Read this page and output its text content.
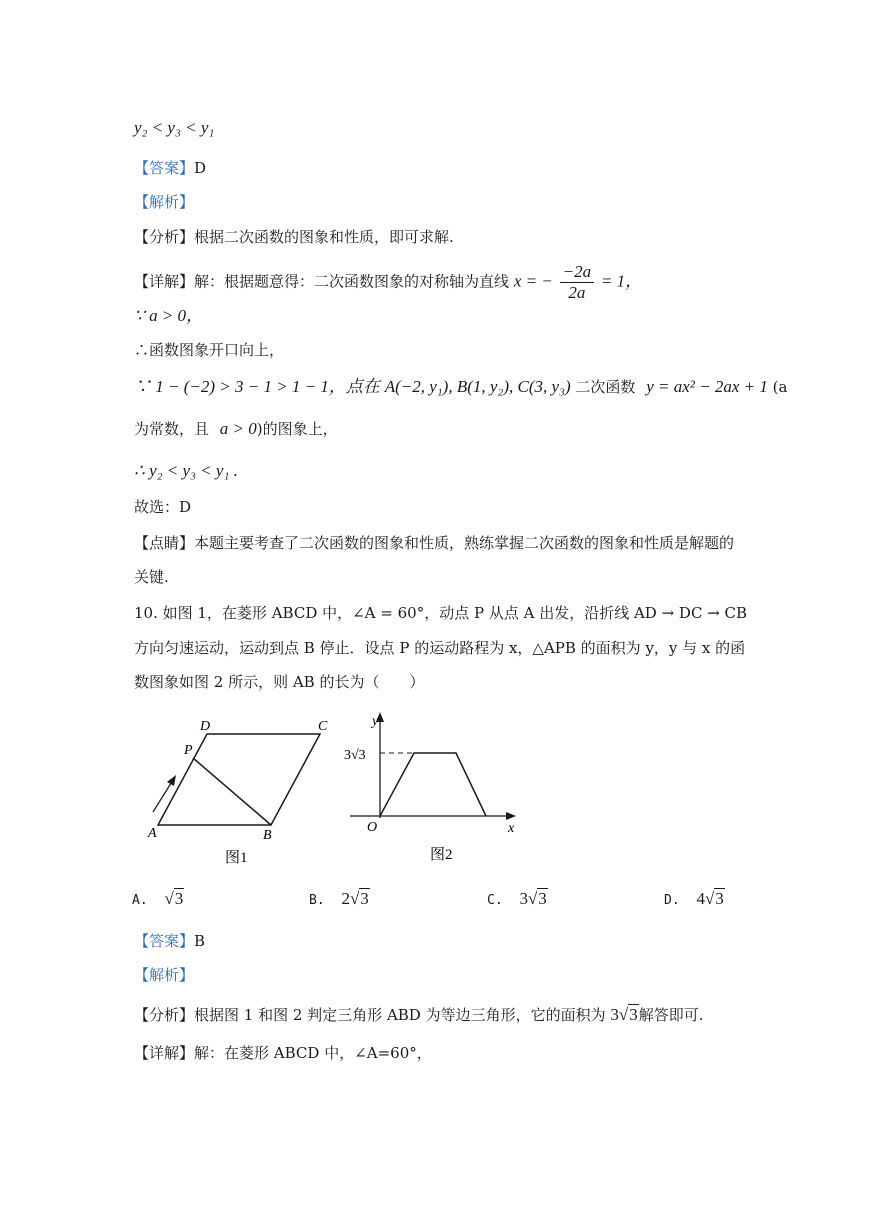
y₂ < y₃ < y₁
【答案】D
【解析】
【分析】根据二次函数的图象和性质，即可求解.
【详解】解：根据题意得：二次函数图象的对称轴为直线 x = − $\frac{-2a}{2a} = 1$，
∵ a > 0，
∴函数图象开口向上，
∵ 1 − (−2) > 3 − 1 > 1 − 1，点在 A(−2, y₁), B(1, y₂), C(3, y₃) 二次函数 y = ax² − 2ax + 1 (a
为常数，且 a > 0)的图象上，
∴ y₂ < y₃ < y₁ .
故选：D
【点睛】本题主要考查了二次函数的图象和性质，熟练掌握二次函数的图象和性质是解题的
关键.
10. 如图 1，在菱形 ABCD 中，∠A = 60°，动点 P 从点 A 出发，沿折线 AD → DC → CB
方向匀速运动，运动到点 B 停止．设点 P 的运动路程为 x，△APB 的面积为 y，y 与 x 的函
数图象如图 2 所示，则 AB 的长为（　　）
A	B
C
D
P
图1
y
x
O
3√3
图2
A. √3	B. 2√3	C. 3√3	D. 4√3
【答案】B
【解析】
【分析】根据图 1 和图 2 判定三角形 ABD 为等边三角形，它的面积为 3√3解答即可.
【详解】解：在菱形 ABCD 中，∠A=60°，
